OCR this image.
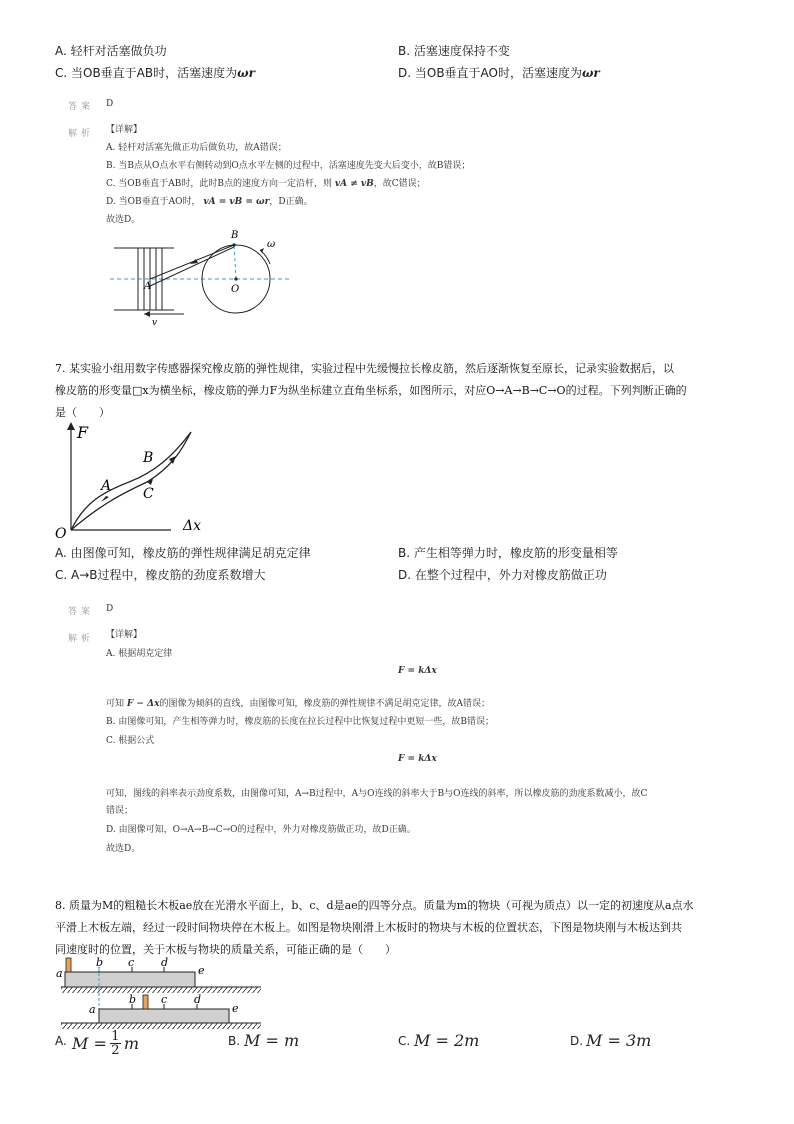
A. 轻杆对活塞做负功	B. 活塞速度保持不变
C. 当OB垂直于AB时，活塞速度为ωr	D. 当OB垂直于AO时，活塞速度为ωr
答案 D
解析 【详解】
A. 轻杆对活塞先做正功后做负功，故A错误；
B. 当B点从O点水平右侧转动到O点水平左侧的过程中，活塞速度先变大后变小，故B错误；
C. 当OB垂直于AB时，此时B点的速度方向一定沿杆，则 vA ≠ vB，故C错误；
D. 当OB垂直于AO时， vA = vB = ωr，D正确。
故选D。
B
A	O
ω
v
7. 某实验小组用数字传感器探究橡皮筋的弹性规律，实验过程中先缓慢拉长橡皮筋，然后逐渐恢复至原长，记录实验数据后，以
橡皮筋的形变量□x为横坐标，橡皮筋的弹力F为纵坐标建立直角坐标系，如图所示，对应O→A→B→C→O的过程。下列判断正确的
是（　　）
F
A
B
C
O	Δx
A. 由图像可知，橡皮筋的弹性规律满足胡克定律	B. 产生相等弹力时，橡皮筋的形变量相等
C. A→B过程中，橡皮筋的劲度系数增大	D. 在整个过程中，外力对橡皮筋做正功
答案 D
解析 【详解】
A. 根据胡克定律
F = kΔx
可知 F − Δx的图像为倾斜的直线，由图像可知，橡皮筋的弹性规律不满足胡克定律，故A错误；
B. 由图像可知，产生相等弹力时，橡皮筋的长度在拉长过程中比恢复过程中更短一些，故B错误；
C. 根据公式
F = kΔx
可知，图线的斜率表示劲度系数，由图像可知，A→B过程中，A与O连线的斜率大于B与O连线的斜率，所以橡皮筋的劲度系数减小，故C
错误；
D. 由图像可知，O→A→B→C→O的过程中，外力对橡皮筋做正功，故D正确。
故选D。
8. 质量为M的粗糙长木板ae放在光滑水平面上，b、c、d是ae的四等分点。质量为m的物块（可视为质点）以一定的初速度从a点水
平滑上木板左端，经过一段时间物块停在木板上。如图是物块刚滑上木板时的物块与木板的位置状态，下图是物块刚与木板达到共
同速度时的位置，关于木板与物块的质量关系，可能正确的是（　　）
a
b c d
e
a
b c d
e
A. $M = \frac{1}{2}$ m	B. M = m	C. M = 2m	D. M = 3m
